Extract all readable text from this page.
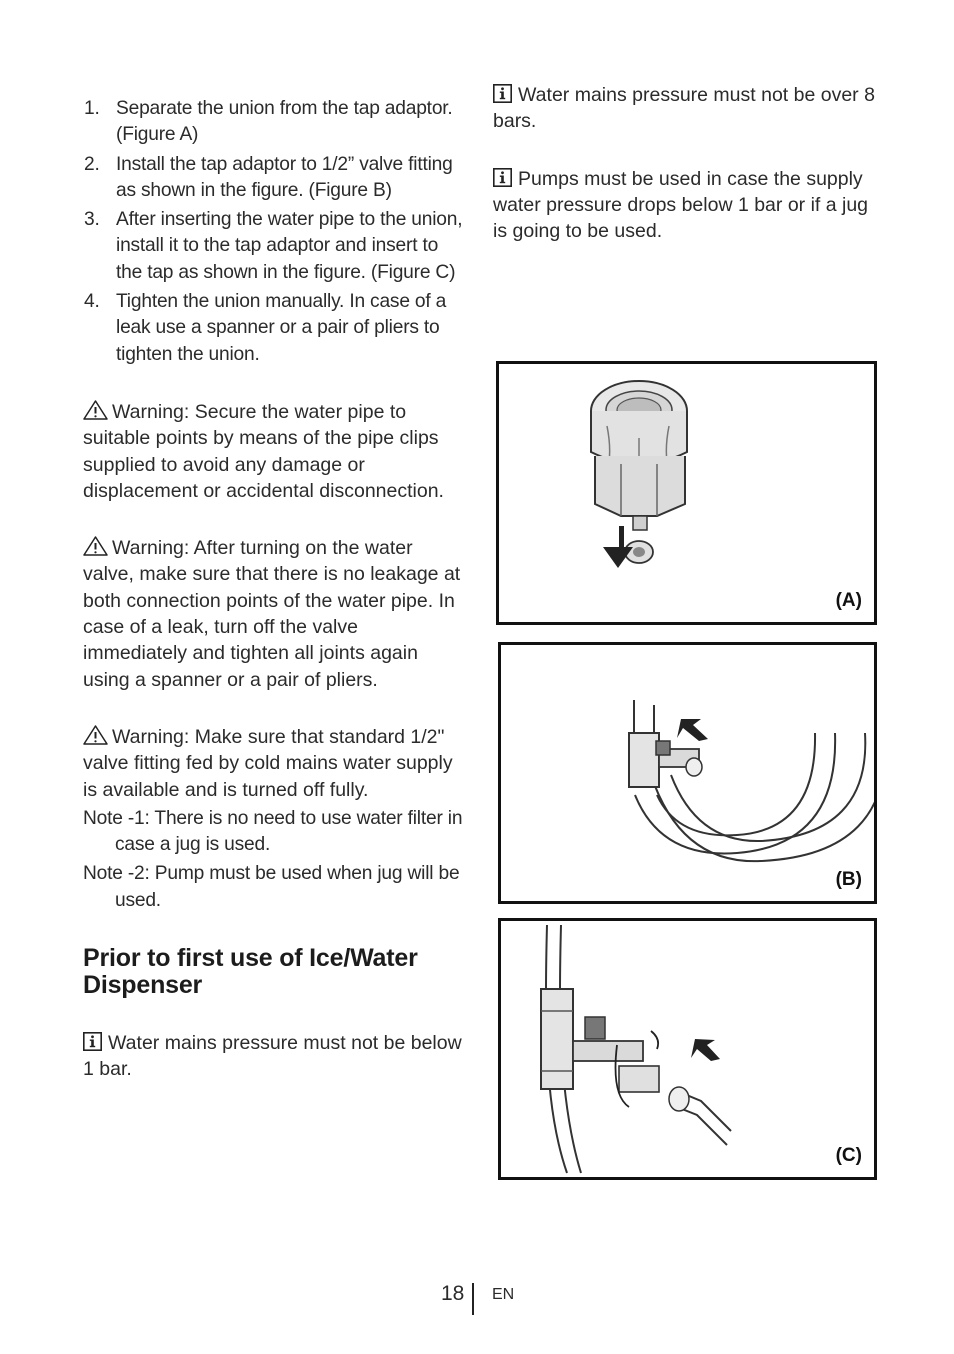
1. Separate the union from the tap adaptor. (Figure A)
2. Install the tap adaptor to 1/2” valve fitting as shown in the figure. (Figure B)
3. After inserting the water pipe to the union, install it to the tap adaptor and insert to the tap as shown in the figure. (Figure C)
4. Tighten the union manually. In case of a leak use a spanner or a pair of pliers to tighten the union.

Warning: Secure the water pipe to suitable points by means of the pipe clips supplied to avoid any damage or displacement or accidental disconnection.

Warning: After turning on the water valve, make sure that there is no leakage at both connection points of the water pipe. In case of a leak, turn off the valve immediately and tighten all joints again using a spanner or a pair of pliers.

Warning: Make sure that standard 1/2" valve fitting fed by cold mains water supply is available and is turned off fully.

Note -1: There is no need to use water filter in case a jug is used.

Note -2: Pump must be used when jug will be used.

Prior to first use of Ice/Water Dispenser

Water mains pressure must not be below 1 bar.

Water mains pressure must not be over 8 bars.

Pumps must be used in case the supply water pressure drops below 1 bar or if a jug is going to be used.

(A)
(B)
(C)
18 EN
